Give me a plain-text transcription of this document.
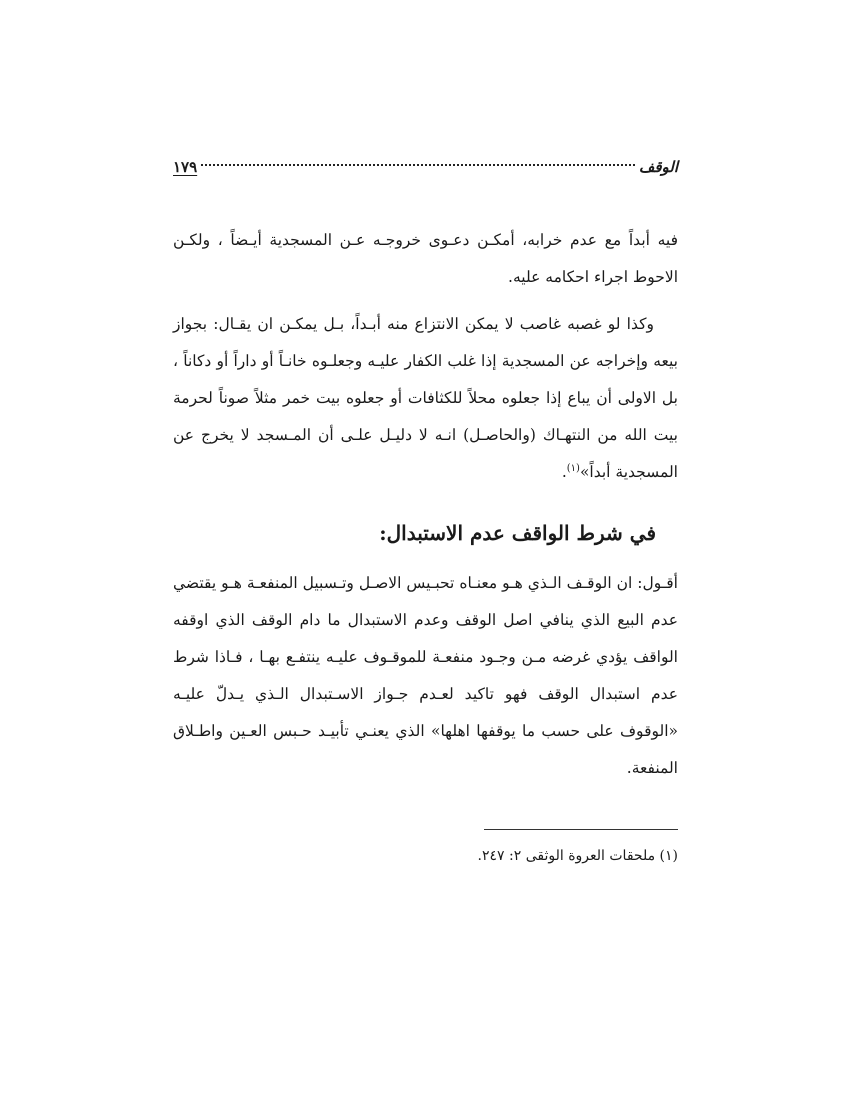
الوقف
١٧٩

فيه أبداً مع عدم خرابه، أمكـن دعـوى خروجـه عـن المسجدية أيـضاً ، ولكـن الاحوط اجراء احكامه عليه.

وكذا لو غصبه غاصب لا يمكن الانتزاع منه أبـداً، بـل يمكـن ان يقـال: بجواز بيعه وإخراجه عن المسجدية إذا غلب الكفار عليـه وجعلـوه خانـاً أو داراً أو دكاناً ، بل الاولى أن يباع إذا جعلوه محلاً للكثافات أو جعلوه بيت خمر مثلاً صوناً لحرمة بيت الله من النتهـاك (والحاصـل) انـه لا دليـل علـى أن المـسجد لا يخرج عن المسجدية أبداً»$^{(١)}$.

في شرط الواقف عدم الاستبدال:

أقـول: ان الوقـف الـذي هـو معنـاه تحبـيس الاصـل وتـسبيل المنفعـة هـو يقتضي عدم البيع الذي ينافي اصل الوقف وعدم الاستبدال ما دام الوقف الذي اوقفه الواقف يؤدي غرضه مـن وجـود منفعـة للموقـوف عليـه ينتفـع بهـا ، فـاذا شرط عدم استبدال الوقف فهو تاكيد لعـدم جـواز الاسـتبدال الـذي يـدلّ عليـه «الوقوف على حسب ما يوقفها اهلها» الذي يعنـي تأبيـد حـبس العـين واطـلاق المنفعة.

(١) ملحقات العروة الوثقى ٢: ٢٤٧.
